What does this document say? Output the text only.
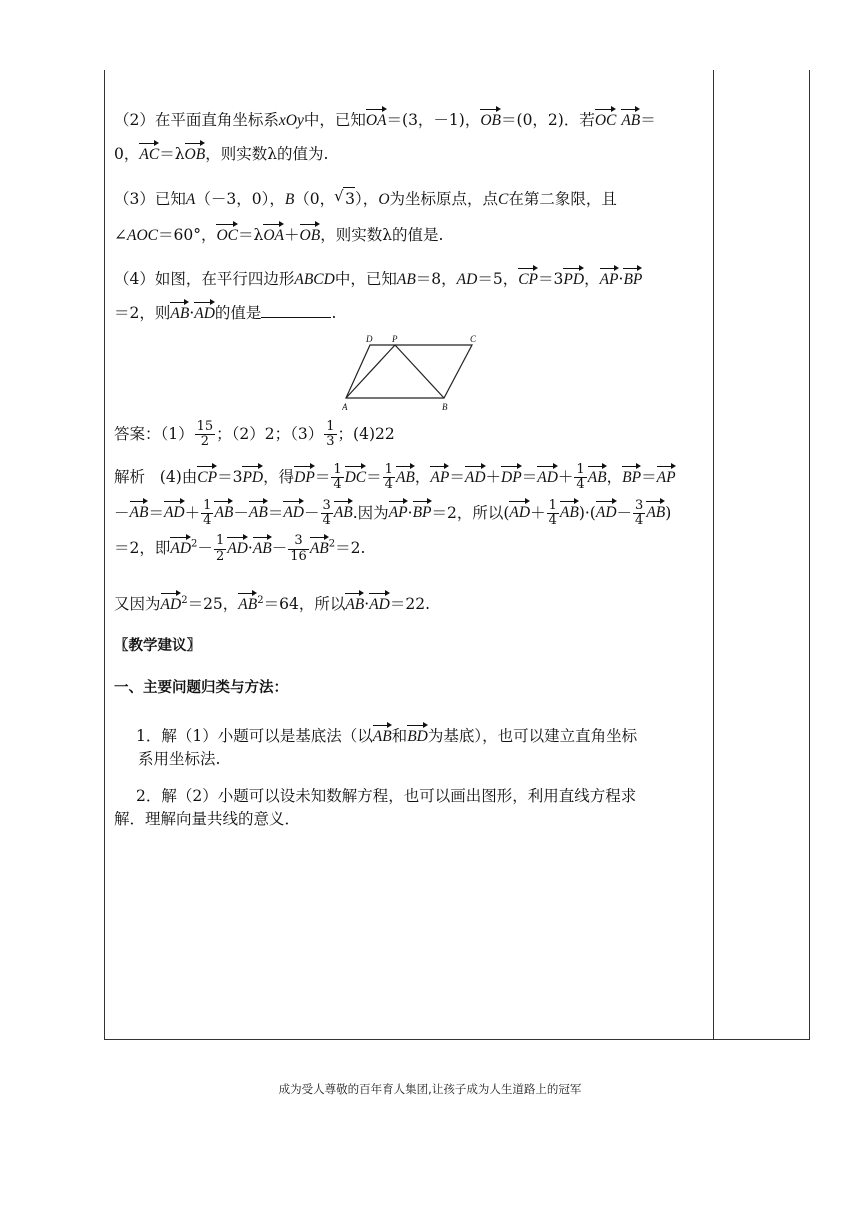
（2）在平面直角坐标系xOy中，已知OA＝(3，－1)，OB＝(0，2)．若OC AB＝

0，AC＝λOB，则实数λ的值为.

（3）已知A（－3，0），B（0，√ 3），O为坐标原点，点C在第二象限，且

∠AOC＝60°，OC＝λOA＋OB，则实数λ的值是.

（4）如图，在平行四边形ABCD中，已知AB＝8，AD＝5，CP＝3PD，AP·BP

＝2，则AB·AD的值是	.

D P	C
A	B

答案：$(1) \frac{15}{2}$ ；（2）2；$(3) \frac{1}{3}$ ；(4)22

解析 (4)由CP＝3PD，得$DP= \frac{1}{4} DC= \frac{1}{4}$ AB，$AP=AD+DP=AD+ \frac{1}{4}$ AB，BP＝AP

$-AB=AD+ \frac{1}{4} AB-AB=AD- \frac{3}{4}$ AB.因为AP·BP＝2，所以$(AD+ \frac{1}{4} AB)\cdot(AD- \frac{3}{4} AB)$

＝2，即$AD^2- \frac{1}{2} AD\cdot AB- \frac{3}{16} AB^2=2$.

又因为$AD^2=25$，$AB^2=64$，所以AB·AD＝22.

〖教学建议〗

一、主要问题归类与方法：

1．解（1）小题可以是基底法（以AB和BD为基底），也可以建立直角坐标

系用坐标法.

2．解（2）小题可以设未知数解方程，也可以画出图形，利用直线方程求

解．理解向量共线的意义．

成为受人尊敬的百年育人集团,让孩子成为人生道路上的冠军
